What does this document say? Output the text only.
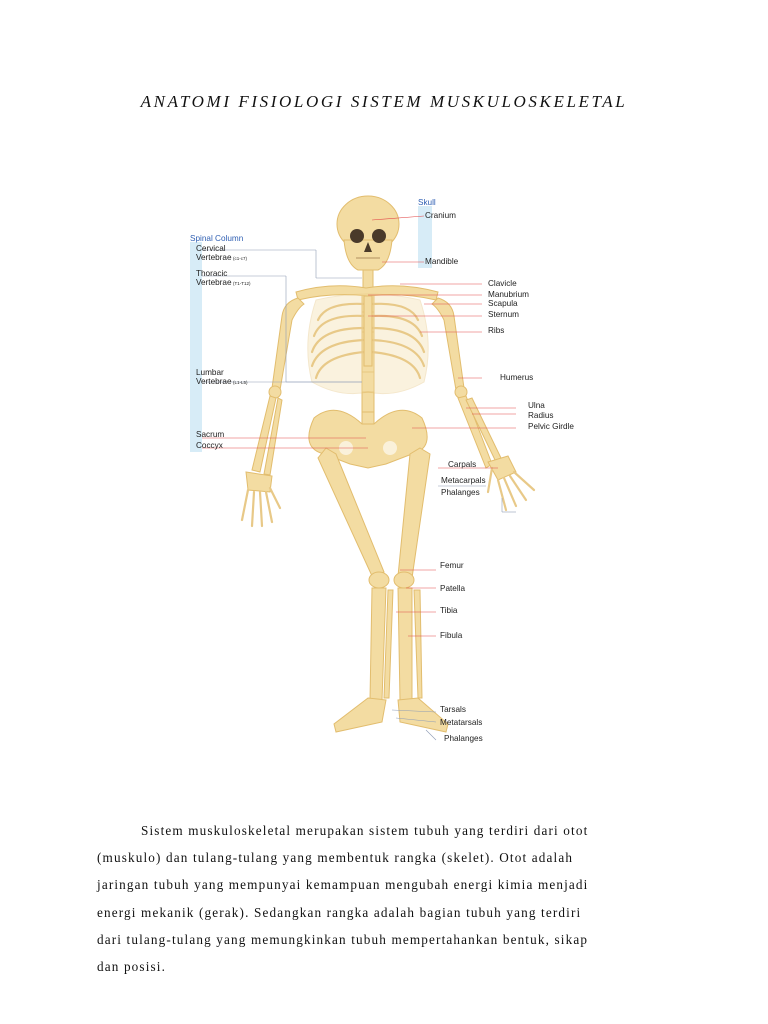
ANATOMI FISIOLOGI SISTEM MUSKULOSKELETAL
Skull
Spinal Column
Cervical
Vertebrae (c1-c7)
Thoracic
Vertebrae (T1-T12)
Lumbar
Vertebrae (L1-L5)
Sacrum
Coccyx
Cranium
Mandible
Clavicle
Manubrium
Scapula
Sternum
Ribs
Humerus
Ulna
Radius
Pelvic Girdle
Carpals
Metacarpals
Phalanges
Femur
Patella
Tibia
Fibula
Tarsals
Metatarsals
Phalanges
Sistem muskuloskeletal merupakan sistem tubuh yang terdiri dari otot
(muskulo) dan tulang-tulang yang membentuk rangka (skelet). Otot adalah
jaringan tubuh yang mempunyai kemampuan mengubah energi kimia menjadi
energi mekanik (gerak). Sedangkan rangka adalah bagian tubuh yang terdiri
dari tulang-tulang yang memungkinkan tubuh mempertahankan bentuk, sikap
dan posisi.
